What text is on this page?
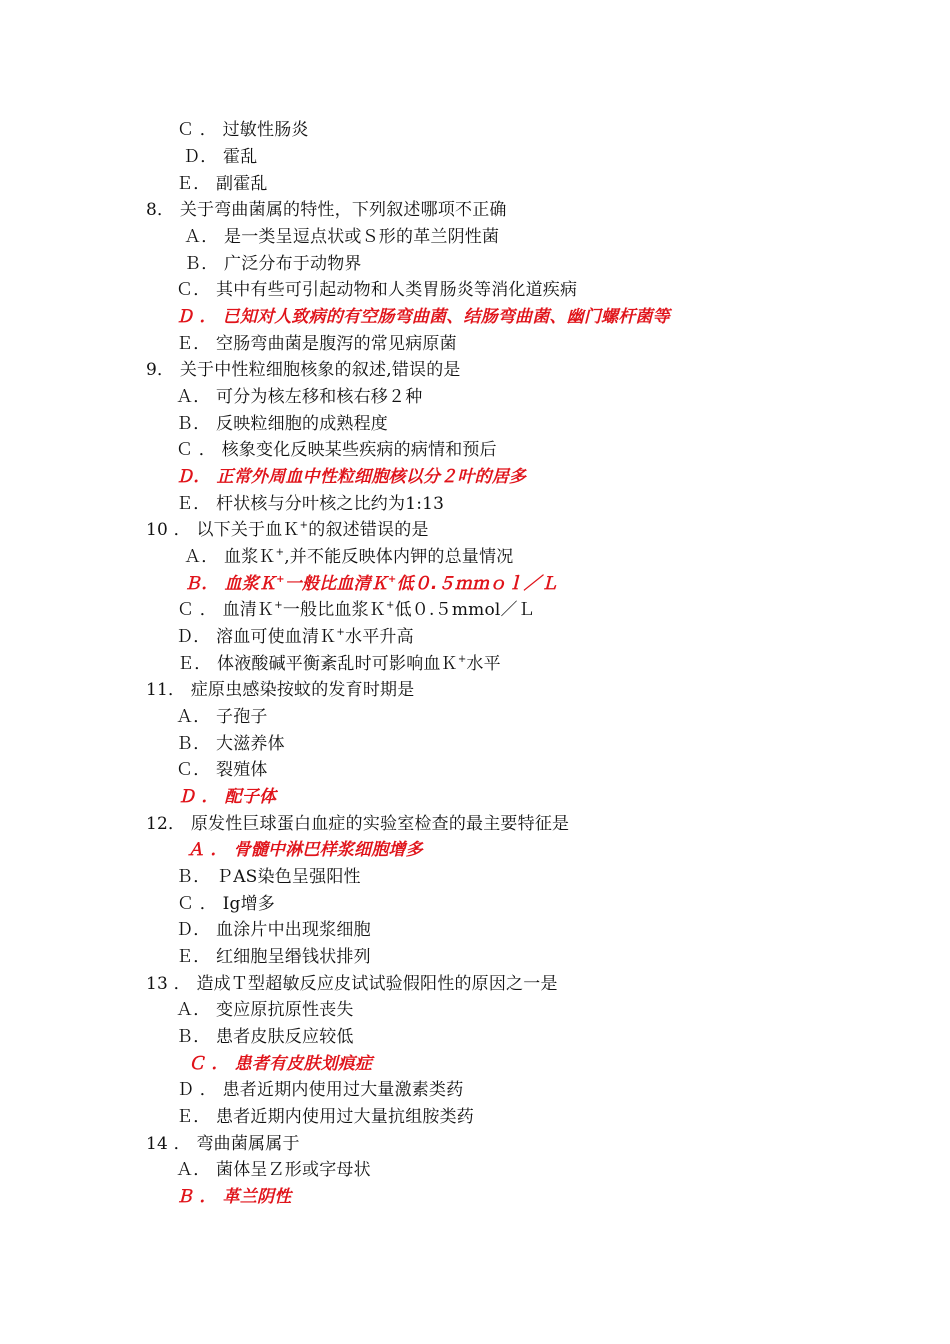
Ｃ ． 过敏性肠炎
Ｄ． 霍乱
Ｅ． 副霍乱
8． 关于弯曲菌属的特性，下列叙述哪项不正确
Ａ． 是一类呈逗点状或Ｓ形的革兰阴性菌
Ｂ． 广泛分布于动物界
Ｃ． 其中有些可引起动物和人类胃肠炎等消化道疾病
Ｄ ． 已知对人致病的有空肠弯曲菌、结肠弯曲菌、幽门螺杆菌等
Ｅ． 空肠弯曲菌是腹泻的常见病原菌
9． 关于中性粒细胞核象的叙述,错误的是
Ａ． 可分为核左移和核右移２种
Ｂ． 反映粒细胞的成熟程度
Ｃ ． 核象变化反映某些疾病的病情和预后
Ｄ． 正常外周血中性粒细胞核以分２叶的居多
Ｅ． 杆状核与分叶核之比约为1:13
10 ． 以下关于血Ｋ+的叙述错误的是
Ａ． 血浆Ｋ+,并不能反映体内钾的总量情况
Ｂ． 血浆Ｋ+一般比血清Ｋ+低０.５ｍｍｏｌ／Ｌ
Ｃ ． 血清Ｋ+一般比血浆Ｋ+低０.５mmol／Ｌ
Ｄ． 溶血可使血清Ｋ+水平升高
Ｅ． 体液酸碱平衡紊乱时可影响血Ｋ+水平
11． 症原虫感染按蚊的发育时期是
Ａ． 子孢子
Ｂ． 大滋养体
Ｃ． 裂殖体
Ｄ ． 配子体
12． 原发性巨球蛋白血症的实验室检查的最主要特征是
Ａ ． 骨髓中淋巴样浆细胞增多
Ｂ． ＰAS染色呈强阳性
Ｃ ． Ig增多
Ｄ． 血涂片中出现浆细胞
Ｅ． 红细胞呈缗钱状排列
13 ． 造成Ｔ型超敏反应皮试试验假阳性的原因之一是
Ａ． 变应原抗原性丧失
Ｂ． 患者皮肤反应较低
Ｃ ． 患者有皮肤划痕症
Ｄ ． 患者近期内使用过大量激素类药
Ｅ． 患者近期内使用过大量抗组胺类药
14 ． 弯曲菌属属于
Ａ． 菌体呈Ｚ形或字母状
Ｂ ． 革兰阴性
